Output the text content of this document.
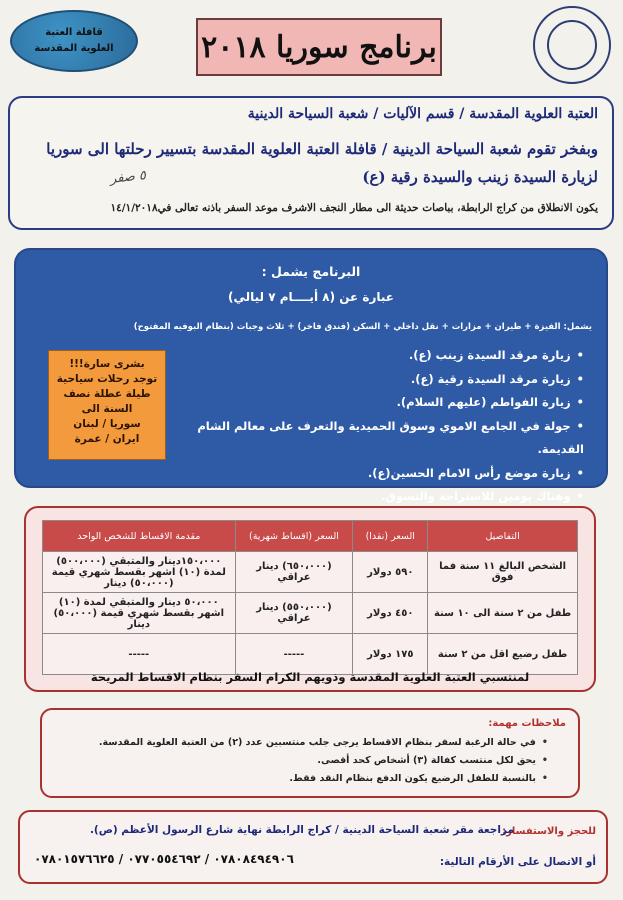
برنامج سوريا ٢٠١٨
قافلة العتبة
العلوية المقدسة
العتبة العلوية المقدسة / قسم الآليات / شعبة السياحة الدينية
وبفخر تقوم شعبة السياحة الدينية / قافلة العتبة العلوية المقدسة بتسيير رحلتها الى سوريا
لزيارة السيدة زينب والسيدة رقية (ع)
٥ صفر
يكون الانطلاق من كراج الرابطة، بباصات حديثة الى مطار النجف الاشرف موعد السفر باذنه تعالى في١٤/١/٢٠١٨
البرنامج يشمل :
عبارة عن (٨ أيــــام ٧ ليالي)
يشمل: الفيزة + طيران + مزارات + نقل داخلي + السكن (فندق فاخر) + ثلاث وجبات (بنظام البوفيه المفتوح)
• زيارة مرقد السيدة زينب (ع).
• زيارة مرقد السيدة رقية (ع).
• زيارة الفواطم (عليهم السلام).
• جولة في الجامع الاموي وسوق الحميدية والتعرف على معالم الشام القديمة.
• زيارة موضع رأس الامام الحسين(ع).
• وهناك يومين للاستراحة والتسوق.
بشرى سارة!!!
توجد رحلات سياحية
طيلة عطلة نصف
السنة الى
سوريا / لبنان
ايران / عمرة
التفاصيل	السعر (نقدا)	السعر (اقساط شهرية)	مقدمة الاقساط للشخص الواحد
الشخص البالغ ١١ سنة فما فوق	٥٩٠ دولار	(٦٥٠،٠٠٠) دينار عراقي	١٥٠،٠٠٠دينار والمتبقي (٥٠٠،٠٠٠) لمدة (١٠) اشهر بقسط شهري قيمة (٥٠،٠٠٠) دينار
طفل من ٢ سنة الى ١٠ سنة	٤٥٠ دولار	(٥٥٠،٠٠٠) دينار عراقي	٥٠،٠٠٠ دينار والمتبقي لمدة (١٠) اشهر بقسط شهري قيمة (٥٠،٠٠٠) دينار
طفل رضيع اقل من ٢ سنة	١٧٥ دولار	-----	-----
لمنتسبي العتبة العلوية المقدسة وذويهم الكرام السفر بنظام الاقساط المريحة
ملاحظات مهمة:
• في حالة الرغبة لسفر بنظام الاقساط يرجى جلب منتسبين عدد (٢) من العتبة العلوية المقدسة.
• يحق لكل منتسب كفالة (٣) أشخاص كحد أقصى.
• بالنسبة للطفل الرضيع يكون الدفع بنظام النقد فقط.
للحجز والاستفسار:
مراجعة مقر شعبة السياحة الدينية / كراج الرابطة نهاية شارع الرسول الأعظم (ص).
أو الاتصال على الأرقام التالية:
٠٧٨٠٨٤٩٤٩٠٦ / ٠٧٧٠٥٥٤٦٩٢ / ٠٧٨٠١٥٧٦٦٢٥
